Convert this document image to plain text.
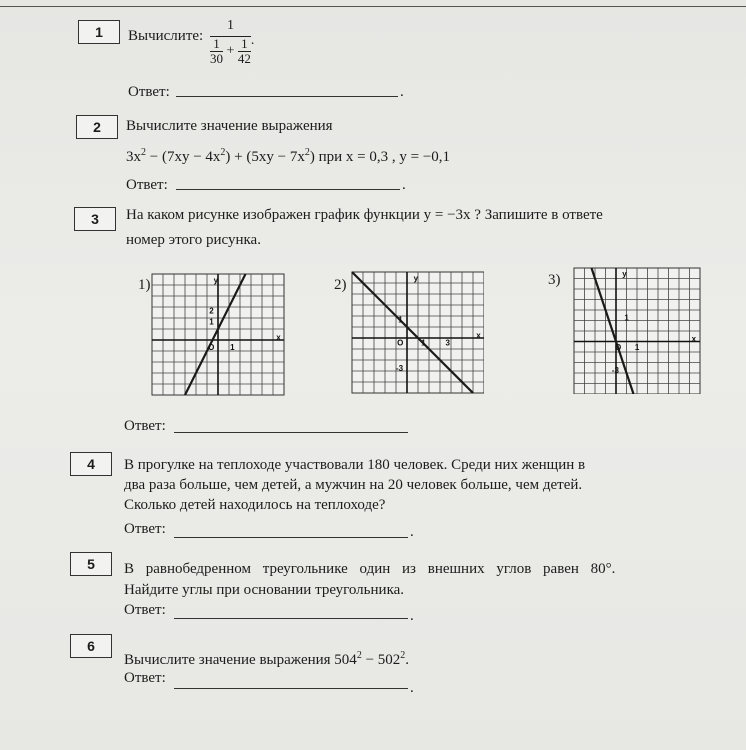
1	Вычислите: $\frac{1}{\frac{1}{30} + \frac{1}{42}}$ .
Ответ:	.
2	Вычислите значение выражения
$3x^2 - (7xy - 4x^2) + (5xy - 7x^2)$ при x = 0,3 , y = −0,1
Ответ:	.
3	На каком рисунке изображен график функции y = −3x ? Запишите в ответе
номер этого рисунка.
1)	2)	3)
2
1
O 1
y
x
1
O 1 3
-3
y
x
1
O 1
-3
y
x
Ответ:
4	В прогулке на теплоходе участвовали 180 человек. Среди них женщин в
два раза больше, чем детей, а мужчин на 20 человек больше, чем детей.
Сколько детей находилось на теплоходе?
Ответ:	.
5	В равнобедренном треугольнике один из внешних углов равен 80°.
Найдите углы при основании треугольника.
Ответ:	.
6
Вычислите значение выражения $504^2 - 502^2$.
Ответ:
.
